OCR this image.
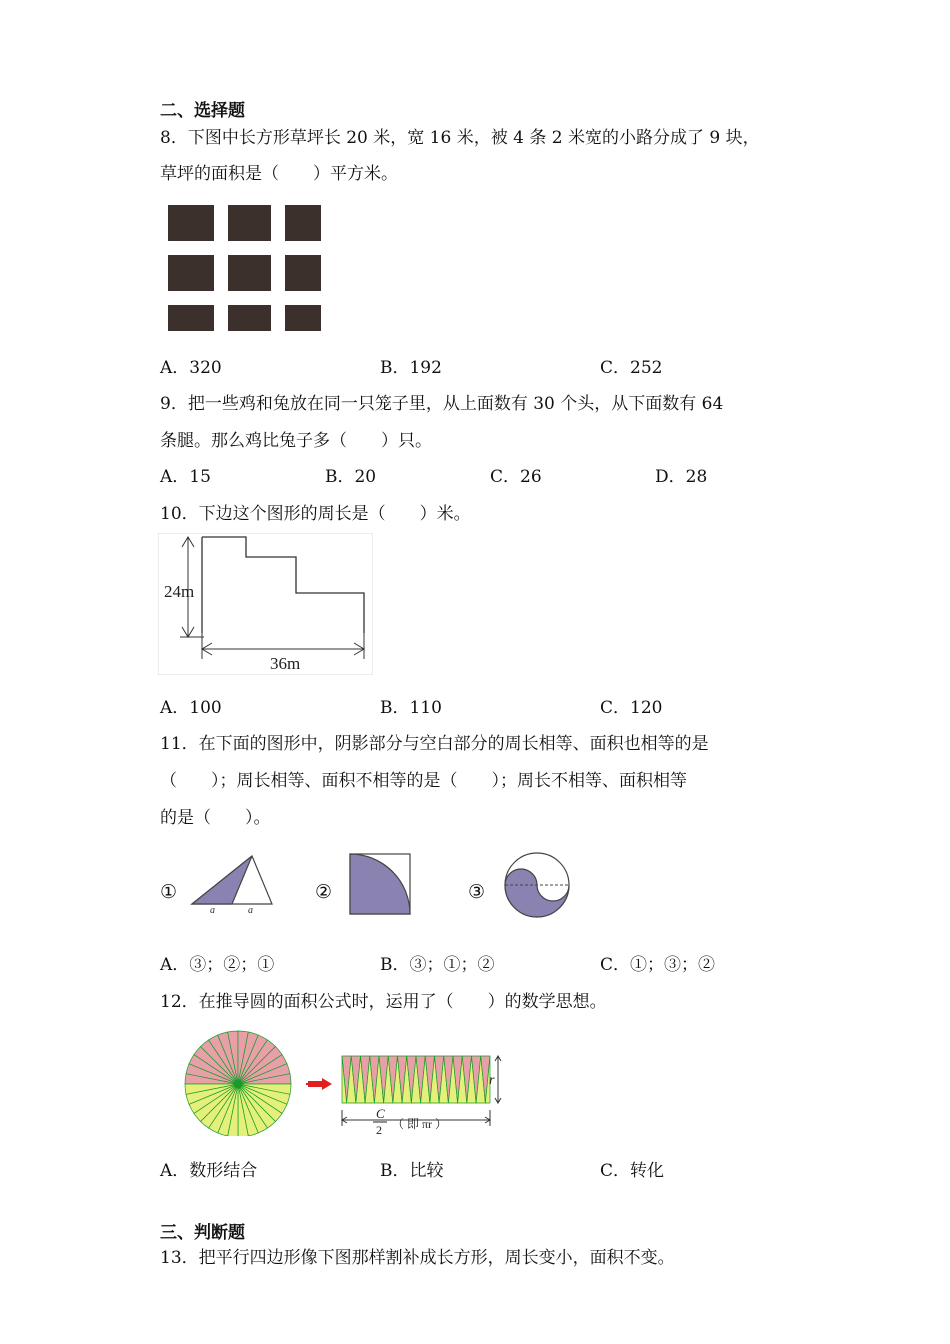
二、选择题
8．下图中长方形草坪长 20 米，宽 16 米，被 4 条 2 米宽的小路分成了 9 块，
草坪的面积是（　　）平方米。
A．320	B．192	C．252
9．把一些鸡和兔放在同一只笼子里，从上面数有 30 个头，从下面数有 64
条腿。那么鸡比兔子多（　　）只。
A．15	B．20	C．26	D．28
10．下边这个图形的周长是（　　）米。
24m
36m
A．100	B．110	C．120
11．在下面的图形中，阴影部分与空白部分的周长相等、面积也相等的是
（　　）；周长相等、面积不相等的是（　　）；周长不相等、面积相等
的是（　　）。
①
a	a
②	③
A．③；②；①	B．③；①；②	C．①；③；②
12．在推导圆的面积公式时，运用了（　　）的数学思想。
r
C
2 （ 即 πr ）
A．数形结合	B．比较	C．转化
三、判断题
13．把平行四边形像下图那样割补成长方形，周长变小，面积不变。
